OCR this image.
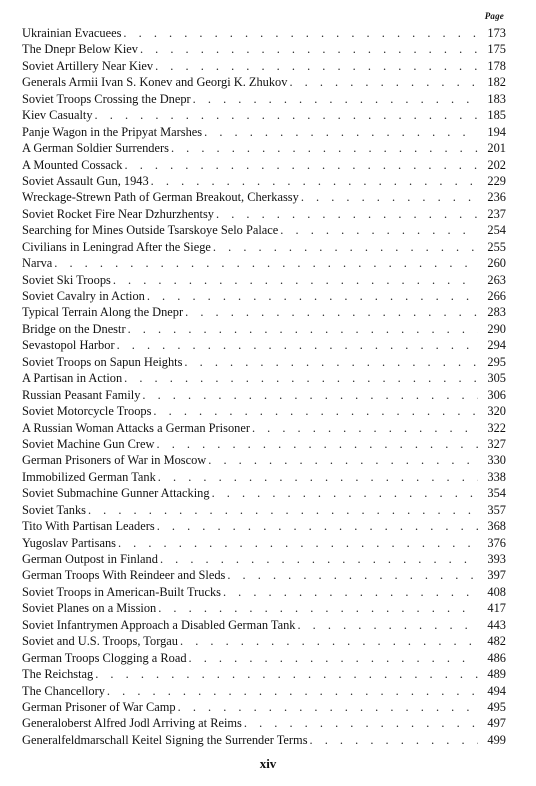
Page
Ukrainian Evacuees . . .	173
The Dnepr Below Kiev . . .	175
Soviet Artillery Near Kiev . . .	178
Generals Armii Ivan S. Konev and Georgi K. Zhukov . . .	182
Soviet Troops Crossing the Dnepr . . .	183
Kiev Casualty . . .	185
Panje Wagon in the Pripyat Marshes . . .	194
A German Soldier Surrenders . . .	201
A Mounted Cossack . . .	202
Soviet Assault Gun, 1943 . . .	229
Wreckage-Strewn Path of German Breakout, Cherkassy . . .	236
Soviet Rocket Fire Near Dzhurzhentsy . . .	237
Searching for Mines Outside Tsarskoye Selo Palace . . .	254
Civilians in Leningrad After the Siege . . .	255
Narva . . .	260
Soviet Ski Troops . . .	263
Soviet Cavalry in Action . . .	266
Typical Terrain Along the Dnepr . . .	283
Bridge on the Dnestr . . .	290
Sevastopol Harbor . . .	294
Soviet Troops on Sapun Heights . . .	295
A Partisan in Action . . .	305
Russian Peasant Family . . .	306
Soviet Motorcycle Troops . . .	320
A Russian Woman Attacks a German Prisoner . . .	322
Soviet Machine Gun Crew . . .	327
German Prisoners of War in Moscow . . .	330
Immobilized German Tank . . .	338
Soviet Submachine Gunner Attacking . . .	354
Soviet Tanks . . .	357
Tito With Partisan Leaders . . .	368
Yugoslav Partisans . . .	376
German Outpost in Finland . . .	393
German Troops With Reindeer and Sleds . . .	397
Soviet Troops in American-Built Trucks . . .	408
Soviet Planes on a Mission . . .	417
Soviet Infantrymen Approach a Disabled German Tank . . .	443
Soviet and U.S. Troops, Torgau . . .	482
German Troops Clogging a Road . . .	486
The Reichstag . . .	489
The Chancellory . . .	494
German Prisoner of War Camp . . .	495
Generaloberst Alfred Jodl Arriving at Reims . . .	497
Generalfeldmarschall Keitel Signing the Surrender Terms . . .	499
xiv
